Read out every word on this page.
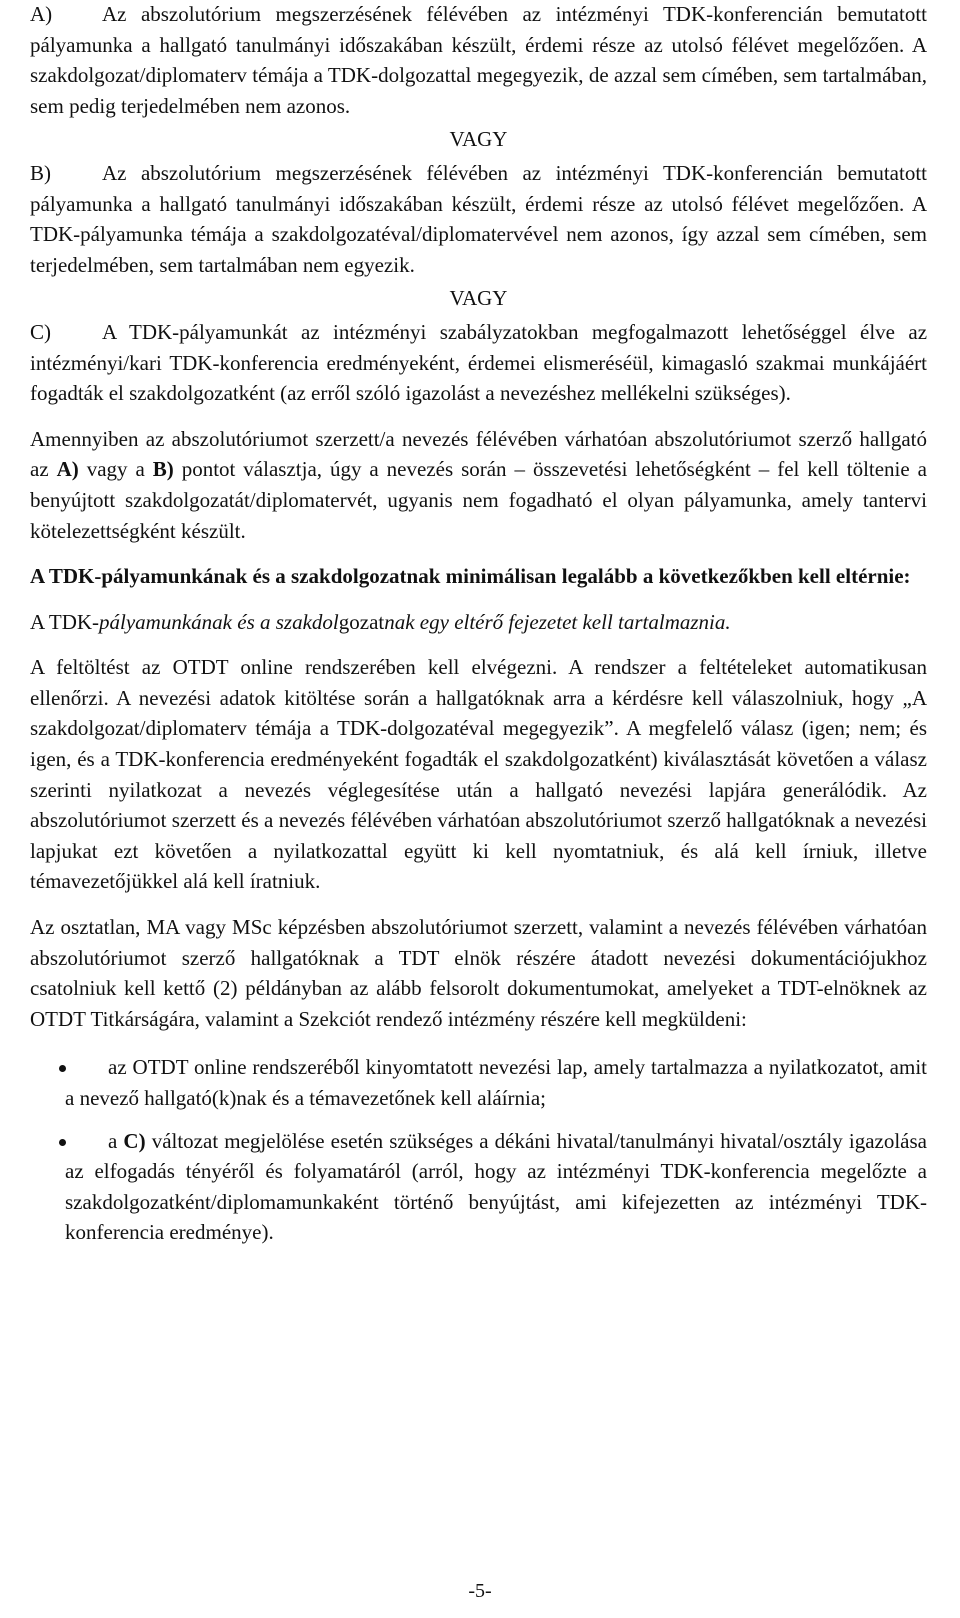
A) Az abszolutórium megszerzésének félévében az intézményi TDK-konferencián bemutatott pályamunka a hallgató tanulmányi időszakában készült, érdemi része az utolsó félévet megelőzően. A szakdolgozat/diplomaterv témája a TDK-dolgozattal megegyezik, de azzal sem címében, sem tartalmában, sem pedig terjedelmében nem azonos.

VAGY

B) Az abszolutórium megszerzésének félévében az intézményi TDK-konferencián bemutatott pályamunka a hallgató tanulmányi időszakában készült, érdemi része az utolsó félévet megelőzően. A TDK-pályamunka témája a szakdolgozatéval/diplomatervével nem azonos, így azzal sem címében, sem terjedelmében, sem tartalmában nem egyezik.

VAGY

C) A TDK-pályamunkát az intézményi szabályzatokban megfogalmazott lehetőséggel élve az intézményi/kari TDK-konferencia eredményeként, érdemei elismeréséül, kimagasló szakmai munkájáért fogadták el szakdolgozatként (az erről szóló igazolást a nevezéshez mellékelni szükséges).

Amennyiben az abszolutóriumot szerzett/a nevezés félévében várhatóan abszolutóriumot szerző hallgató az A) vagy a B) pontot választja, úgy a nevezés során – összevetési lehetőségként – fel kell töltenie a benyújtott szakdolgozatát/diplomatervét, ugyanis nem fogadható el olyan pályamunka, amely tantervi kötelezettségként készült.

A TDK-pályamunkának és a szakdolgozatnak minimálisan legalább a következőkben kell eltérnie:

A TDK-pályamunkának és a szakdolgozatnak egy eltérő fejezetet kell tartalmaznia.

A feltöltést az OTDT online rendszerében kell elvégezni. A rendszer a feltételeket automatikusan ellenőrzi. A nevezési adatok kitöltése során a hallgatóknak arra a kérdésre kell válaszolniuk, hogy „A szakdolgozat/diplomaterv témája a TDK-dolgozatéval megegyezik”. A megfelelő válasz (igen; nem; és igen, és a TDK-konferencia eredményeként fogadták el szakdolgozatként) kiválasztását követően a válasz szerinti nyilatkozat a nevezés véglegesítése után a hallgató nevezési lapjára generálódik. Az abszolutóriumot szerzett és a nevezés félévében várhatóan abszolutóriumot szerző hallgatóknak a nevezési lapjukat ezt követően a nyilatkozattal együtt ki kell nyomtatniuk, és alá kell írniuk, illetve témavezetőjükkel alá kell íratniuk.

Az osztatlan, MA vagy MSc képzésben abszolutóriumot szerzett, valamint a nevezés félévében várhatóan abszolutóriumot szerző hallgatóknak a TDT elnök részére átadott nevezési dokumentációjukhoz csatolniuk kell kettő (2) példányban az alább felsorolt dokumentumokat, amelyeket a TDT-elnöknek az OTDT Titkárságára, valamint a Szekciót rendező intézmény részére kell megküldeni:

az OTDT online rendszeréből kinyomtatott nevezési lap, amely tartalmazza a nyilatkozatot, amit a nevező hallgató(k)nak és a témavezetőnek kell aláírnia;
a C) változat megjelölése esetén szükséges a dékáni hivatal/tanulmányi hivatal/osztály igazolása az elfogadás tényéről és folyamatáról (arról, hogy az intézményi TDK-konferencia megelőzte a szakdolgozatként/diplomamunkaként történő benyújtást, ami kifejezetten az intézményi TDK-konferencia eredménye).
-5-
